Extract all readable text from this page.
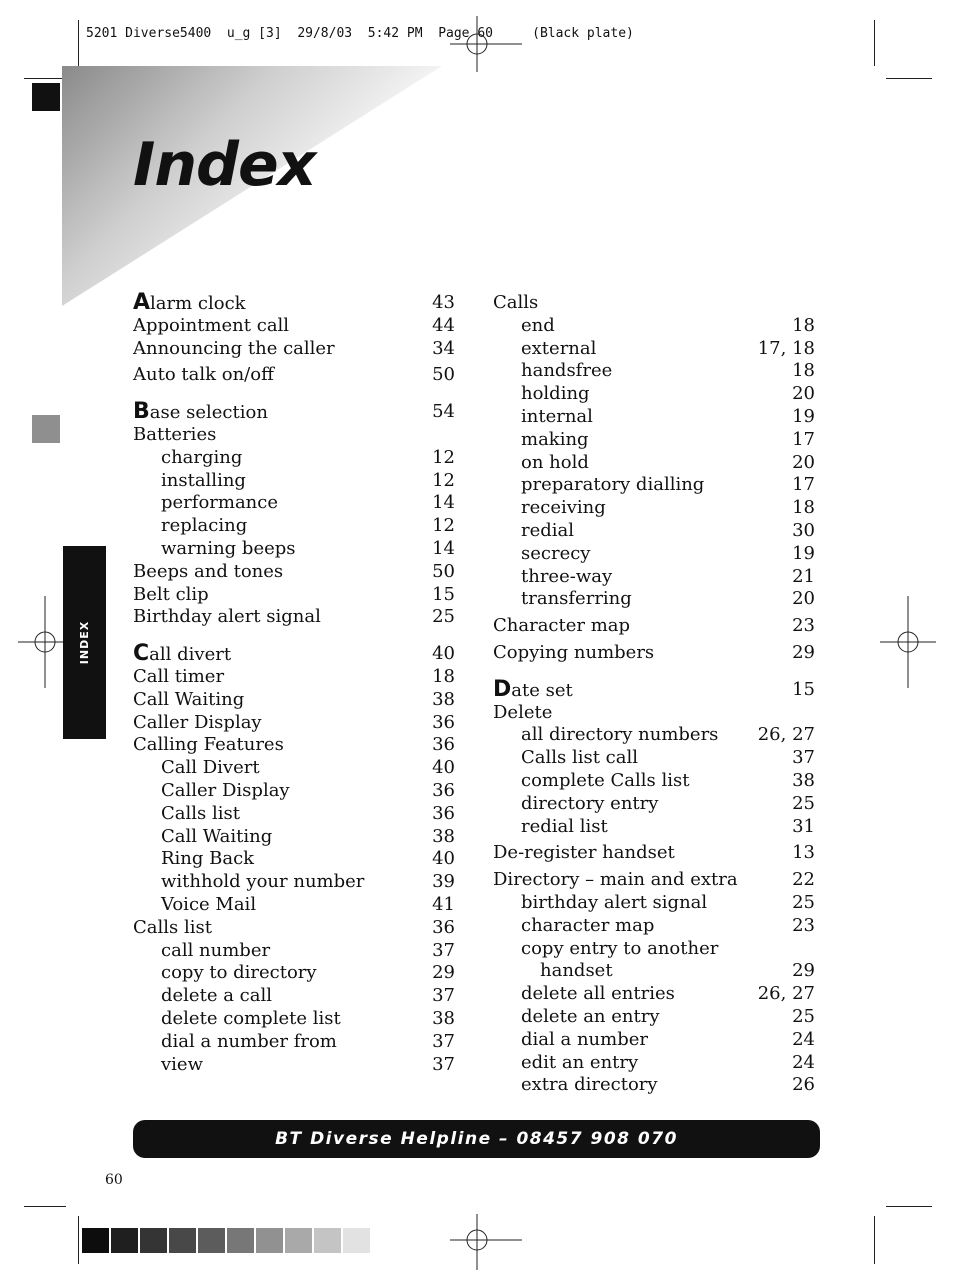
5201 Diverse5400  u_g [3]  29/8/03  5:42 PM  Page 60     (Black plate)
INDEX
Index
Alarm clock	43
Appointment call	44
Announcing the caller	34
Auto talk on/off	50
Base selection	54
Batteries
charging	12
installing	12
performance	14
replacing	12
warning beeps	14
Beeps and tones	50
Belt clip	15
Birthday alert signal	25
Call divert	40
Call timer	18
Call Waiting	38
Caller Display	36
Calling Features	36
Call Divert	40
Caller Display	36
Calls list	36
Call Waiting	38
Ring Back	40
withhold your number	39
Voice Mail	41
Calls list	36
call number	37
copy to directory	29
delete a call	37
delete complete list	38
dial a number from	37
view	37
Calls
end	18
external	17, 18
handsfree	18
holding	20
internal	19
making	17
on hold	20
preparatory dialling	17
receiving	18
redial	30
secrecy	19
three-way	21
transferring	20
Character map	23
Copying numbers	29
Date set	15
Delete
all directory numbers 26, 27
Calls list call	37
complete Calls list	38
directory entry	25
redial list	31
De-register handset	13
Directory – main and extra	22
birthday alert signal	25
character map	23
copy entry to another
handset	29
delete all entries	26, 27
delete an entry	25
dial a number	24
edit an entry	24
extra directory	26
BT Diverse Helpline – 08457 908 070
60
